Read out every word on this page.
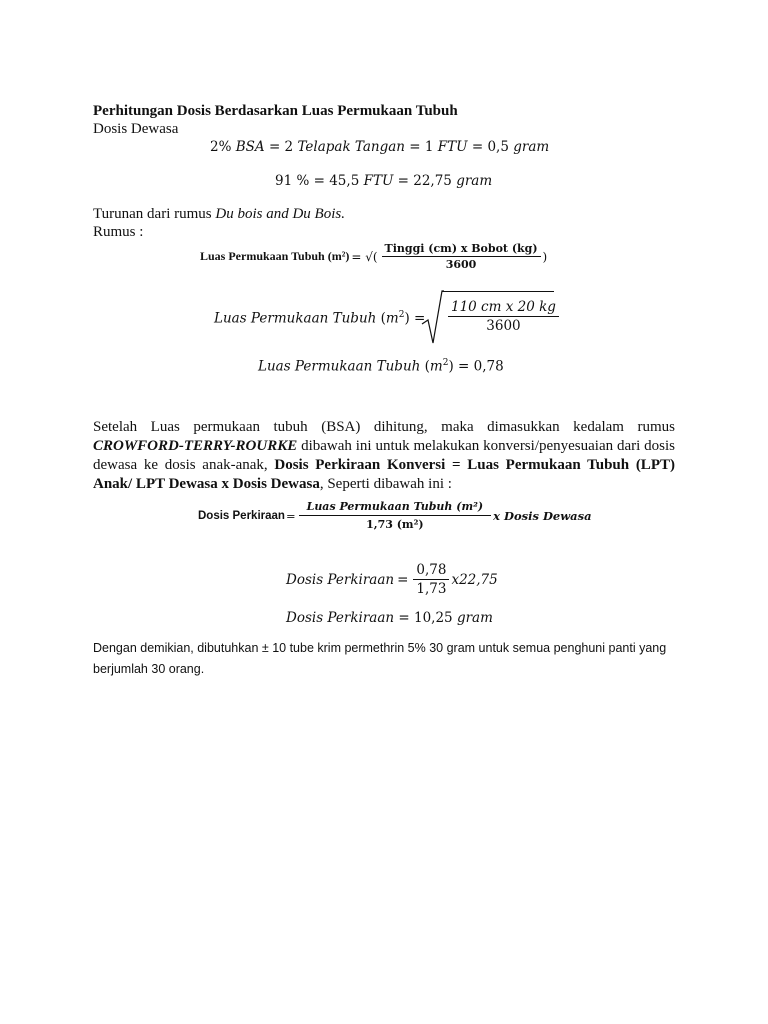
Perhitungan Dosis Berdasarkan Luas Permukaan Tubuh
Dosis Dewasa
2% BSA = 2 Telapak Tangan = 1 FTU = 0,5 gram
91 % = 45,5 FTU = 22,75 gram
Turunan dari rumus Du bois and Du Bois.
Rumus :
Luas Permukaan Tubuh (m²) = √( $\frac{\text{Tinggi (cm) x Bobot (kg)}}{3600}$ )
Luas Permukaan Tubuh $(m^2) = \frac{\text{110 cm x 20 kg}}{3600}$
Luas Permukaan Tubuh $(m^2) = 0,78$
Setelah Luas permukaan tubuh (BSA) dihitung, maka dimasukkan kedalam rumus CROWFORD-TERRY-ROURKE dibawah ini untuk melakukan konversi/penyesuaian dari dosis dewasa ke dosis anak-anak, Dosis Perkiraan Konversi = Luas Permukaan Tubuh (LPT) Anak/ LPT Dewasa x Dosis Dewasa, Seperti dibawah ini :
Dosis Perkiraan = $\frac{\text{Luas Permukaan Tubuh (m²)}}{\text{1,73 (m²)}}$ x Dosis Dewasa
Dosis Perkiraan = $\frac{0,78}{1,73} x22,75$
Dosis Perkiraan = 10,25 gram
Dengan demikian, dibutuhkan ± 10 tube krim permethrin 5% 30 gram untuk semua penghuni panti yang berjumlah 30 orang.
